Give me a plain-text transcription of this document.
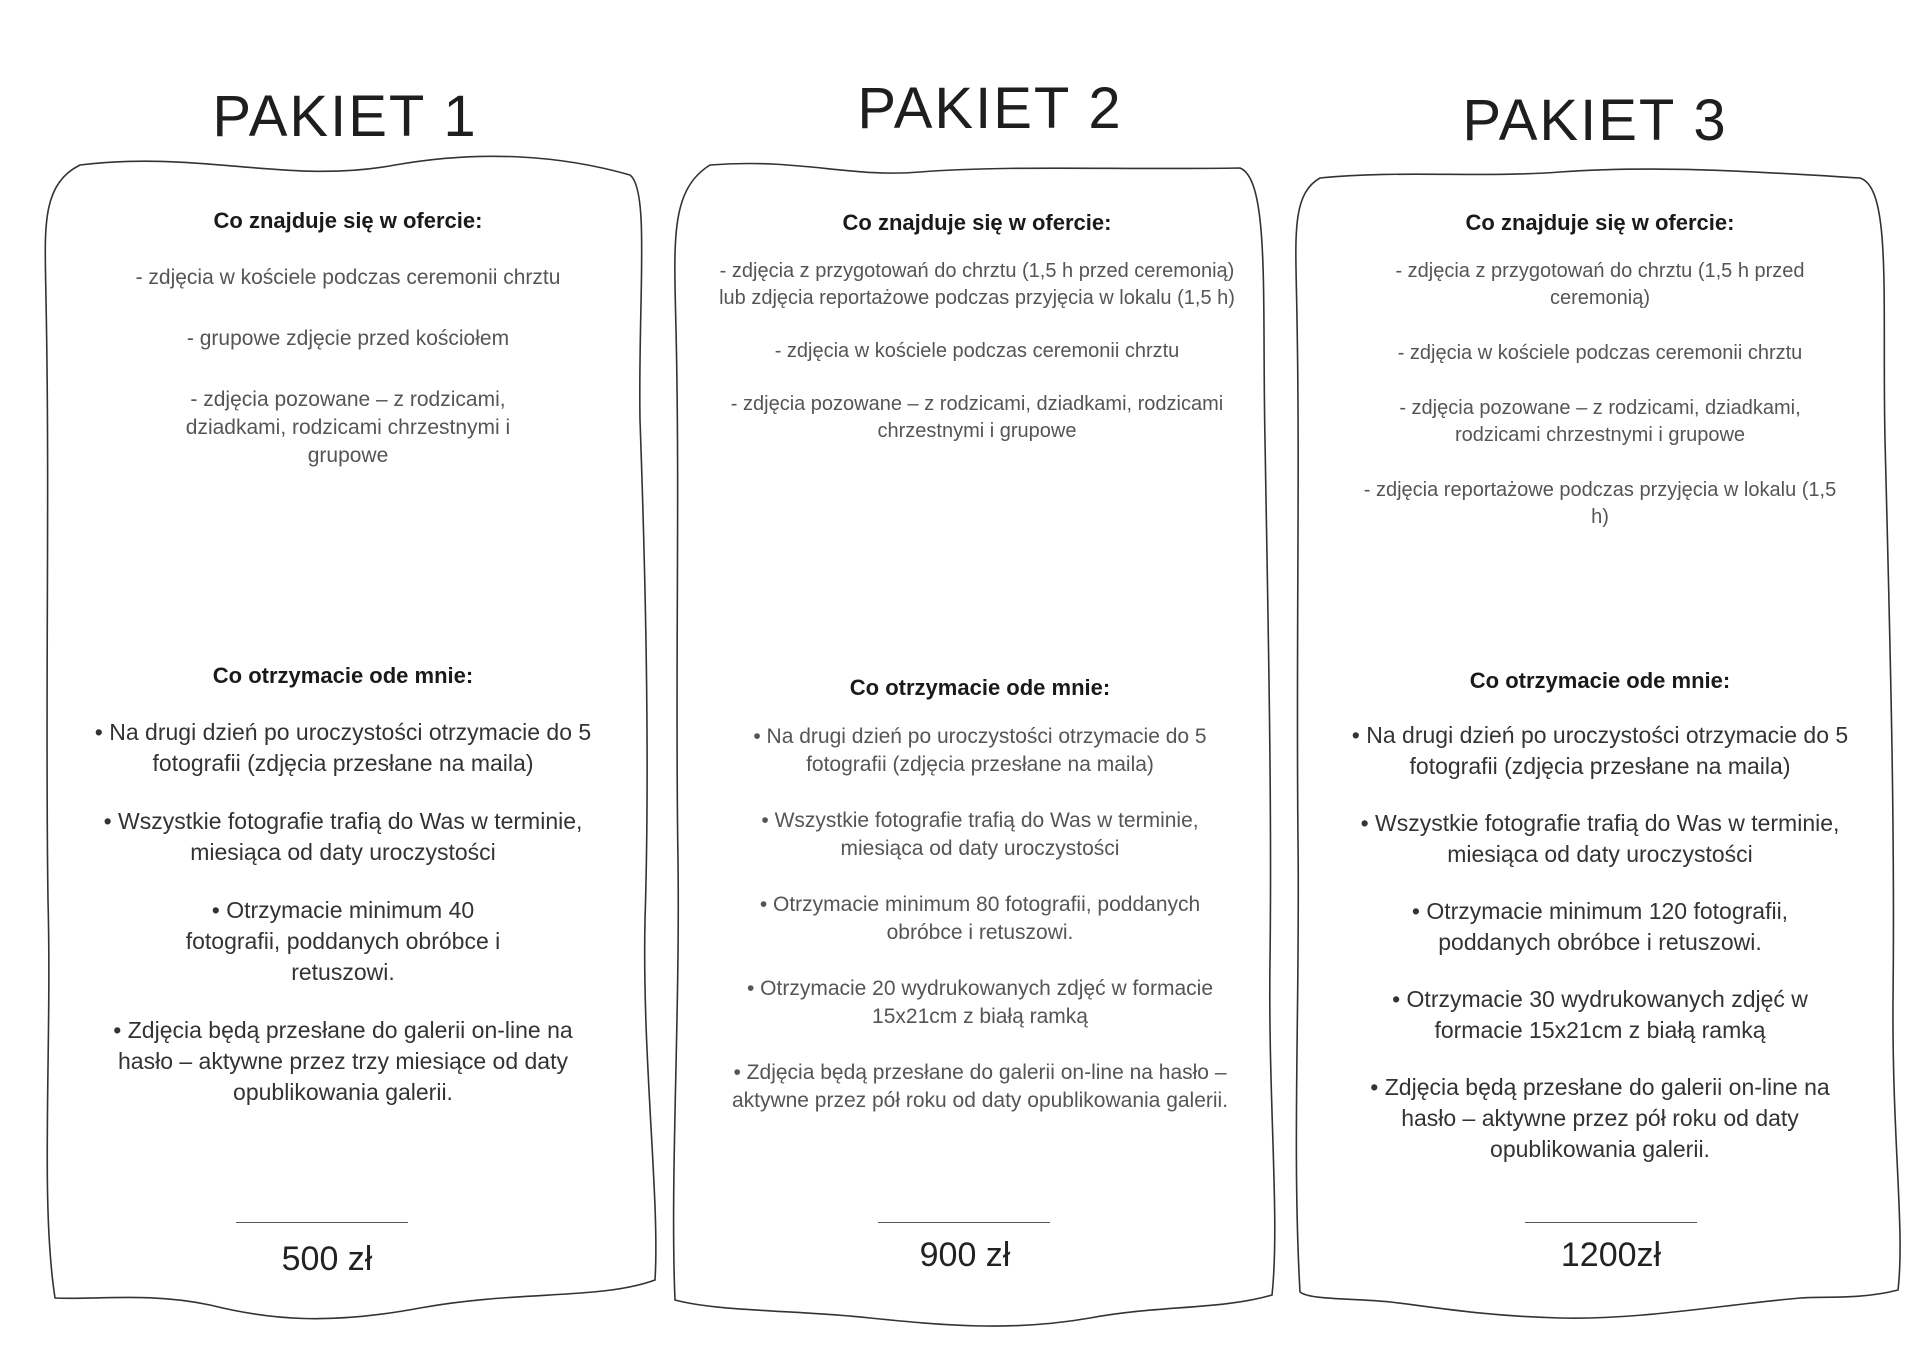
PAKIET 1	PAKIET 2	PAKIET 3
Co znajduje się w ofercie:
- zdjęcia w kościele podczas ceremonii chrztu
- grupowe zdjęcie przed kościołem
- zdjęcia pozowane – z rodzicami, dziadkami, rodzicami chrzestnymi i grupowe
Co otrzymacie ode mnie:
• Na drugi dzień po uroczystości otrzymacie do 5 fotografii (zdjęcia przesłane na maila)
• Wszystkie fotografie trafią do Was w terminie, miesiąca od daty uroczystości
• Otrzymacie minimum 40 fotografii, poddanych obróbce i retuszowi.
• Zdjęcia będą przesłane do galerii on-line na hasło – aktywne przez trzy miesiące od daty opublikowania galerii.

500 zł

Co znajduje się w ofercie:
- zdjęcia z przygotowań do chrztu (1,5 h przed ceremonią) lub zdjęcia reportażowe podczas przyjęcia w lokalu (1,5 h)
- zdjęcia w kościele podczas ceremonii chrztu
- zdjęcia pozowane – z rodzicami, dziadkami, rodzicami chrzestnymi i grupowe
Co otrzymacie ode mnie:
• Na drugi dzień po uroczystości otrzymacie do 5 fotografii (zdjęcia przesłane na maila)
• Wszystkie fotografie trafią do Was w terminie, miesiąca od daty uroczystości
• Otrzymacie minimum 80 fotografii, poddanych obróbce i retuszowi.
• Otrzymacie 20 wydrukowanych zdjęć w formacie 15x21cm z białą ramką
• Zdjęcia będą przesłane do galerii on-line na hasło – aktywne przez pół roku od daty opublikowania galerii.

900 zł

Co znajduje się w ofercie:
- zdjęcia z przygotowań do chrztu (1,5 h przed ceremonią)
- zdjęcia w kościele podczas ceremonii chrztu
- zdjęcia pozowane – z rodzicami, dziadkami, rodzicami chrzestnymi i grupowe
- zdjęcia reportażowe podczas przyjęcia w lokalu (1,5 h)
Co otrzymacie ode mnie:
• Na drugi dzień po uroczystości otrzymacie do 5 fotografii (zdjęcia przesłane na maila)
• Wszystkie fotografie trafią do Was w terminie, miesiąca od daty uroczystości
• Otrzymacie minimum 120 fotografii, poddanych obróbce i retuszowi.
• Otrzymacie 30 wydrukowanych zdjęć w formacie 15x21cm z białą ramką
• Zdjęcia będą przesłane do galerii on-line na hasło – aktywne przez pół roku od daty opublikowania galerii.

1200zł
